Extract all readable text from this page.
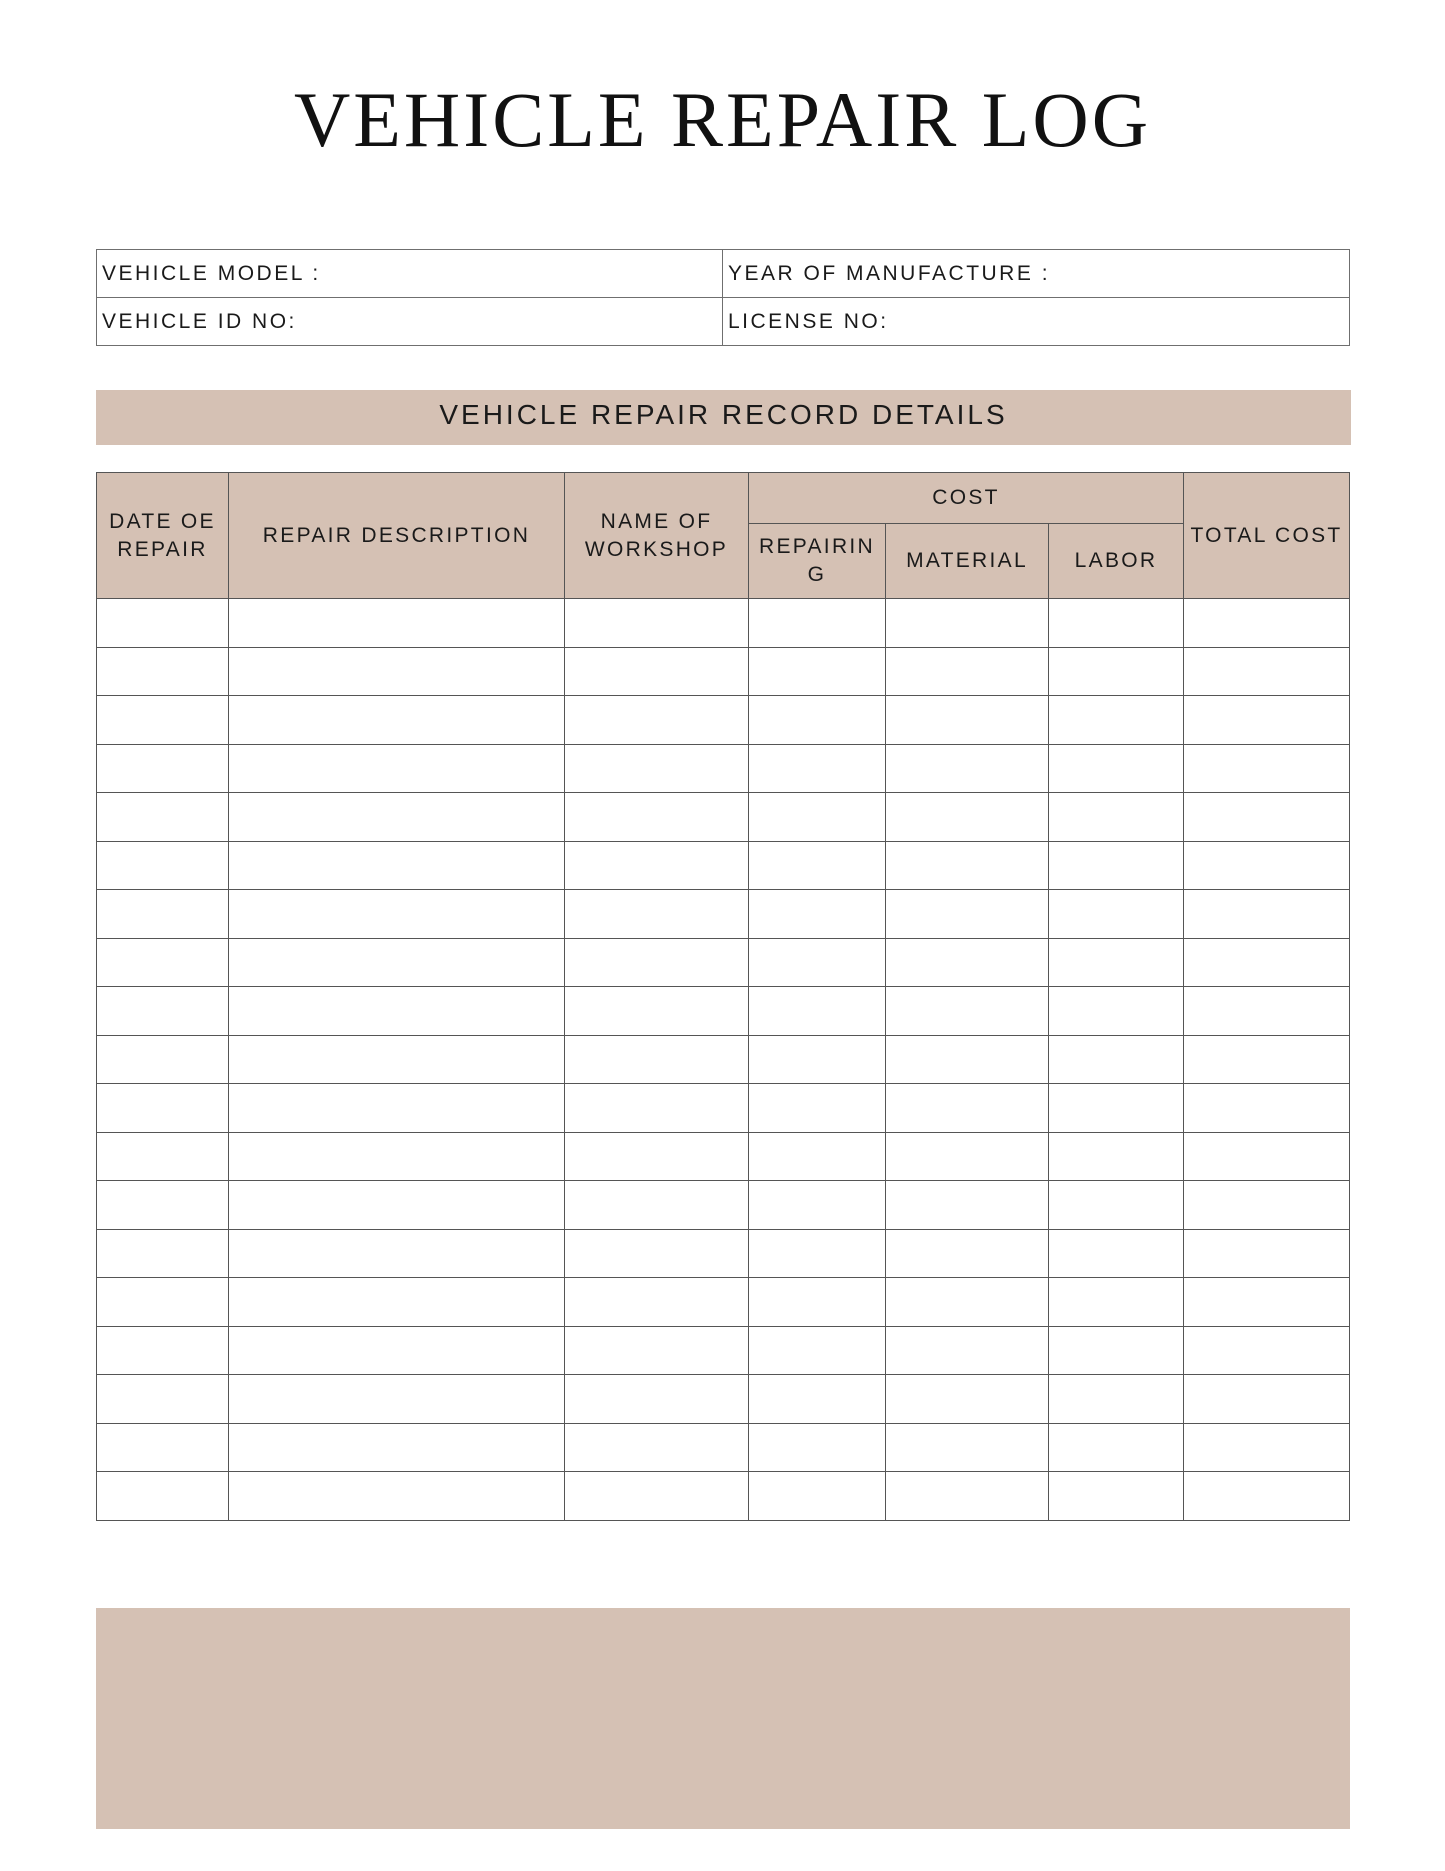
VEHICLE REPAIR LOG
VEHICLE MODEL :	YEAR OF MANUFACTURE :
VEHICLE ID NO:	LICENSE NO:
VEHICLE REPAIR RECORD DETAILS
DATE OE REPAIR	REPAIR DESCRIPTION	NAME OF WORKSHOP	COST			TOTAL COST

			REPAIRING	MATERIAL	LABOR	
